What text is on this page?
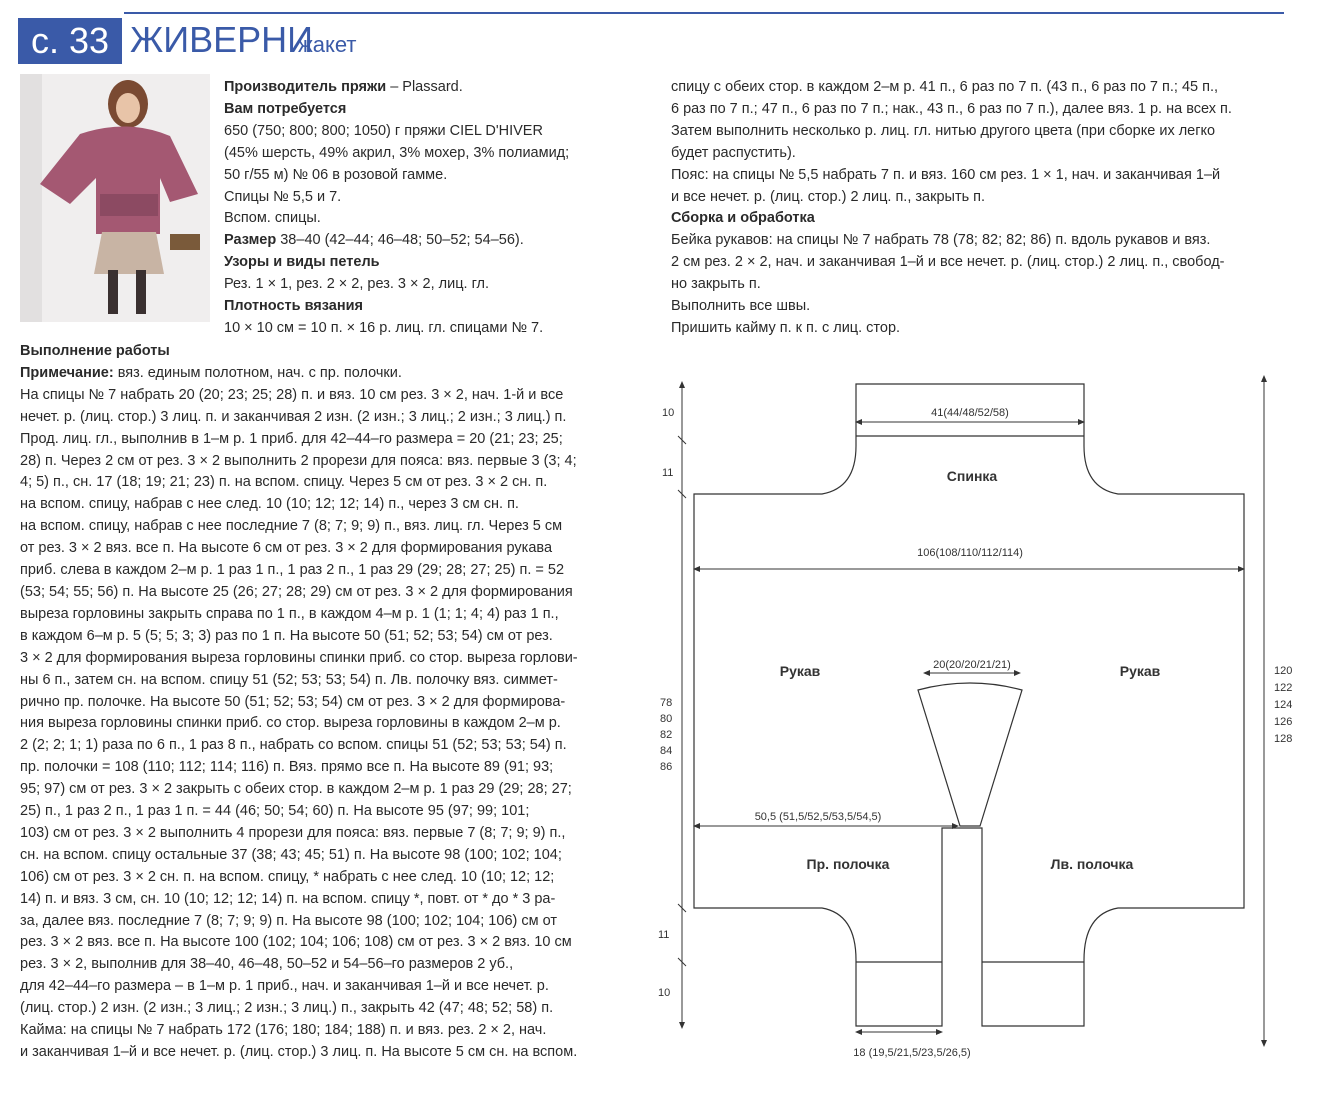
с. 33 ЖИВЕРНИ
жакет
Производитель пряжи – Plassard.
Вам потребуется
650 (750; 800; 800; 1050) г пряжи CIEL D'HIVER
(45% шерсть, 49% акрил, 3% мохер, 3% полиамид;
50 г/55 м) № 06 в розовой гамме.
Спицы № 5,5 и 7.
Вспом. спицы.
Размер 38–40 (42–44; 46–48; 50–52; 54–56).
Узоры и виды петель
Рез. 1 × 1, рез. 2 × 2, рез. 3 × 2, лиц. гл.
Плотность вязания
10 × 10 см = 10 п. × 16 р. лиц. гл. спицами № 7.
Выполнение работы
Примечание: вяз. единым полотном, нач. с пр. полочки.
На спицы № 7 набрать 20 (20; 23; 25; 28) п. и вяз. 10 см рез. 3 × 2, нач. 1-й и все
нечет. р. (лиц. стор.) 3 лиц. п. и заканчивая 2 изн. (2 изн.; 3 лиц.; 2 изн.; 3 лиц.) п.
Прод. лиц. гл., выполнив в 1–м р. 1 приб. для 42–44–го размера = 20 (21; 23; 25;
28) п. Через 2 см от рез. 3 × 2 выполнить 2 прорези для пояса: вяз. первые 3 (3; 4;
4; 5) п., сн. 17 (18; 19; 21; 23) п. на вспом. спицу. Через 5 см от рез. 3 × 2 сн. п.
на вспом. спицу, набрав с нее след. 10 (10; 12; 12; 14) п., через 3 см сн. п.
на вспом. спицу, набрав с нее последние 7 (8; 7; 9; 9) п., вяз. лиц. гл. Через 5 см
от рез. 3 × 2 вяз. все п. На высоте 6 см от рез. 3 × 2 для формирования рукава
приб. слева в каждом 2–м р. 1 раз 1 п., 1 раз 2 п., 1 раз 29 (29; 28; 27; 25) п. = 52
(53; 54; 55; 56) п. На высоте 25 (26; 27; 28; 29) см от рез. 3 × 2 для формирования
выреза горловины закрыть справа по 1 п., в каждом 4–м р. 1 (1; 1; 4; 4) раз 1 п.,
в каждом 6–м р. 5 (5; 5; 3; 3) раз по 1 п. На высоте 50 (51; 52; 53; 54) см от рез.
3 × 2 для формирования выреза горловины спинки приб. со стор. выреза горлови-
ны 6 п., затем сн. на вспом. спицу 51 (52; 53; 53; 54) п. Лв. полочку вяз. симмет-
рично пр. полочке. На высоте 50 (51; 52; 53; 54) см от рез. 3 × 2 для формирова-
ния выреза горловины спинки приб. со стор. выреза горловины в каждом 2–м р.
2 (2; 2; 1; 1) раза по 6 п., 1 раз 8 п., набрать со вспом. спицы 51 (52; 53; 53; 54) п.
пр. полочки = 108 (110; 112; 114; 116) п. Вяз. прямо все п. На высоте 89 (91; 93;
95; 97) см от рез. 3 × 2 закрыть с обеих стор. в каждом 2–м р. 1 раз 29 (29; 28; 27;
25) п., 1 раз 2 п., 1 раз 1 п. = 44 (46; 50; 54; 60) п. На высоте 95 (97; 99; 101;
103) см от рез. 3 × 2 выполнить 4 прорези для пояса: вяз. первые 7 (8; 7; 9; 9) п.,
сн. на вспом. спицу остальные 37 (38; 43; 45; 51) п. На высоте 98 (100; 102; 104;
106) см от рез. 3 × 2 сн. п. на вспом. спицу, * набрать с нее след. 10 (10; 12; 12;
14) п. и вяз. 3 см, сн. 10 (10; 12; 12; 14) п. на вспом. спицу *, повт. от * до * 3 ра-
за, далее вяз. последние 7 (8; 7; 9; 9) п. На высоте 98 (100; 102; 104; 106) см от
рез. 3 × 2 вяз. все п. На высоте 100 (102; 104; 106; 108) см от рез. 3 × 2 вяз. 10 см
рез. 3 × 2, выполнив для 38–40, 46–48, 50–52 и 54–56–го размеров 2 уб.,
для 42–44–го размера – в 1–м р. 1 приб., нач. и заканчивая 1–й и все нечет. р.
(лиц. стор.) 2 изн. (2 изн.; 3 лиц.; 2 изн.; 3 лиц.) п., закрыть 42 (47; 48; 52; 58) п.
Кайма: на спицы № 7 набрать 172 (176; 180; 184; 188) п. и вяз. рез. 2 × 2, нач.
и заканчивая 1–й и все нечет. р. (лиц. стор.) 3 лиц. п. На высоте 5 см сн. на вспом.
спицу с обеих стор. в каждом 2–м р. 41 п., 6 раз по 7 п. (43 п., 6 раз по 7 п.; 45 п.,
6 раз по 7 п.; 47 п., 6 раз по 7 п.; нак., 43 п., 6 раз по 7 п.), далее вяз. 1 р. на всех п.
Затем выполнить несколько р. лиц. гл. нитью другого цвета (при сборке их легко
будет распустить).
Пояс: на спицы № 5,5 набрать 7 п. и вяз. 160 см рез. 1 × 1, нач. и заканчивая 1–й
и все нечет. р. (лиц. стор.) 2 лиц. п., закрыть п.
Сборка и обработка
Бейка рукавов: на спицы № 7 набрать 78 (78; 82; 82; 86) п. вдоль рукавов и вяз.
2 см рез. 2 × 2, нач. и заканчивая 1–й и все нечет. р. (лиц. стор.) 2 лиц. п., свобод-
но закрыть п.
Выполнить все швы.
Пришить кайму п. к п. с лиц. стор.
41(44/48/52/58)
106(108/110/112/114)
20(20/20/21/21)
50,5 (51,5/52,5/53,5/54,5)
18 (19,5/21,5/23,5/26,5)
10
11
78
80
82
84
86
11
10
120
122
124
126
128
Спинка
Рукав	Рукав
Пр. полочка	Лв. полочка
